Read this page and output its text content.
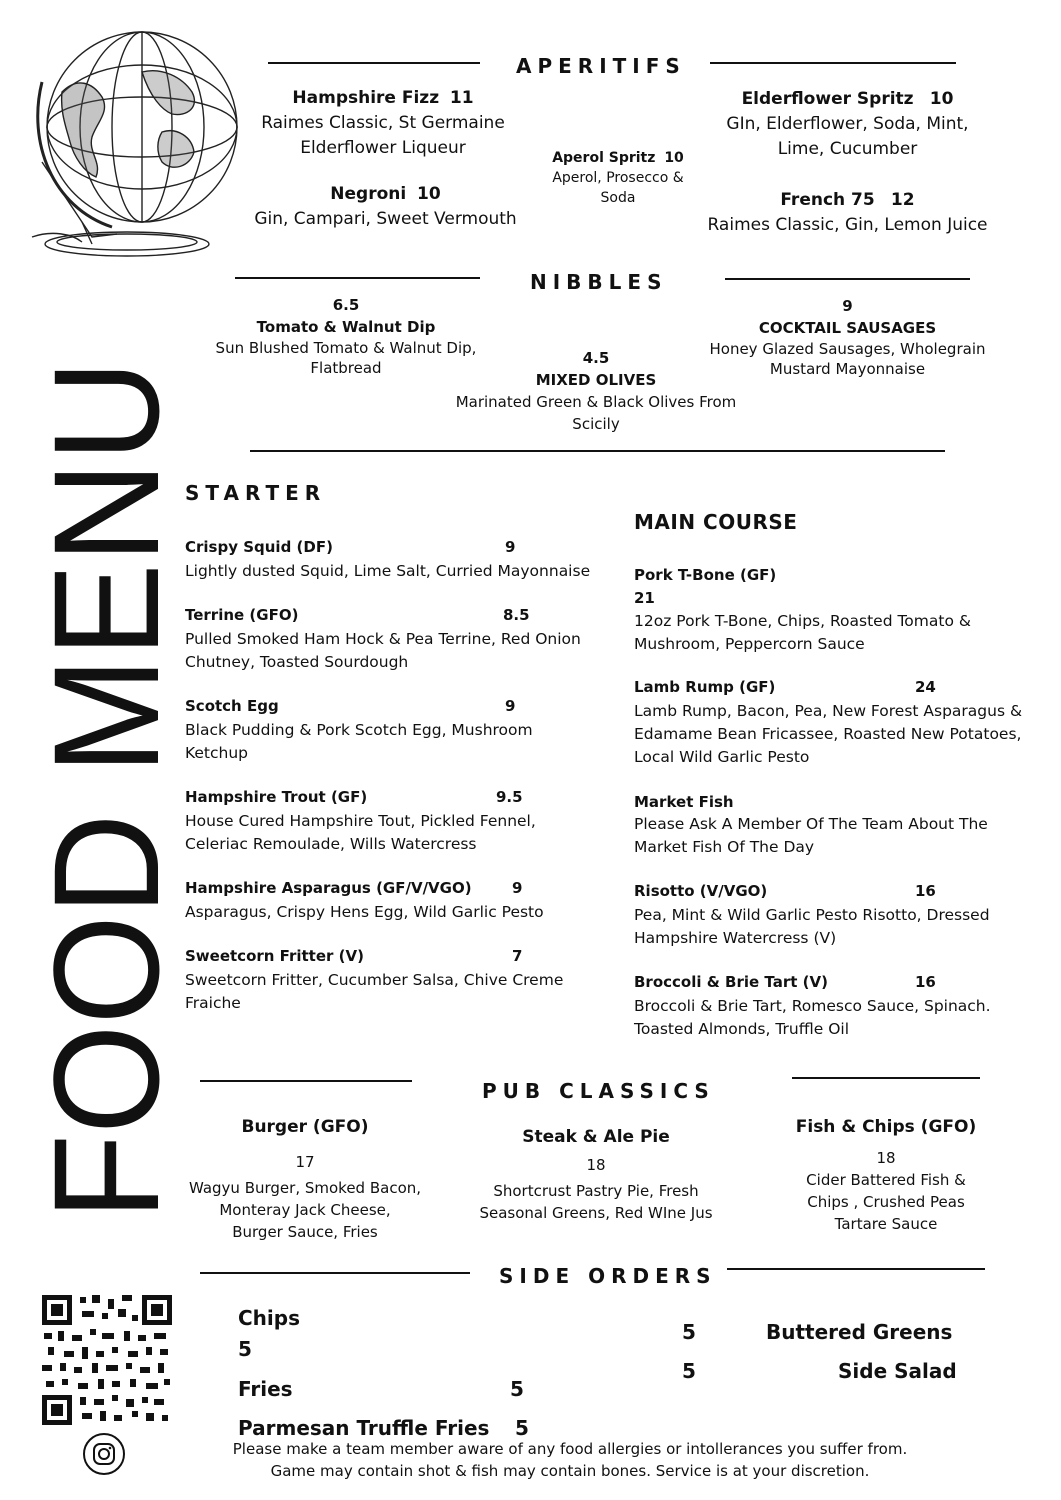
FOOD MENU
APERITIFS
Hampshire Fizz 11
Raimes Classic, St Germaine
Elderflower Liqueur
Negroni 10
Gin, Campari, Sweet Vermouth
Aperol Spritz 10
Aperol, Prosecco &
Soda
Elderflower Spritz 10
GIn, Elderflower, Soda, Mint,
Lime, Cucumber
French 75 12
Raimes Classic, Gin, Lemon Juice
NIBBLES
6.5
Tomato & Walnut Dip
Sun Blushed Tomato & Walnut Dip,
Flatbread
4.5
MIXED OLIVES
Marinated Green & Black Olives From
Scicily
9
COCKTAIL SAUSAGES
Honey Glazed Sausages, Wholegrain
Mustard Mayonnaise
STARTER
Crispy Squid (DF)	9
Lightly dusted Squid, Lime Salt, Curried Mayonnaise
Terrine (GFO)	8.5
Pulled Smoked Ham Hock & Pea Terrine, Red Onion
Chutney, Toasted Sourdough
Scotch Egg	9
Black Pudding & Pork Scotch Egg, Mushroom
Ketchup
Hampshire Trout (GF)	9.5
House Cured Hampshire Tout, Pickled Fennel,
Celeriac Remoulade, Wills Watercress
Hampshire Asparagus (GF/V/VGO)	9
Asparagus, Crispy Hens Egg, Wild Garlic Pesto
Sweetcorn Fritter (V)	7
Sweetcorn Fritter, Cucumber Salsa, Chive Creme
Fraiche
MAIN COURSE
Pork T-Bone (GF)
21
12oz Pork T-Bone, Chips, Roasted Tomato &
Mushroom, Peppercorn Sauce
Lamb Rump (GF)	24
Lamb Rump, Bacon, Pea, New Forest Asparagus &
Edamame Bean Fricassee, Roasted New Potatoes,
Local Wild Garlic Pesto
Market Fish
Please Ask A Member Of The Team About The
Market Fish Of The Day
Risotto (V/VGO)	16
Pea, Mint & Wild Garlic Pesto Risotto, Dressed
Hampshire Watercress (V)
Broccoli & Brie Tart (V)	16
Broccoli & Brie Tart, Romesco Sauce, Spinach.
Toasted Almonds, Truffle Oil
PUB CLASSICS
Burger (GFO)
17
Wagyu Burger, Smoked Bacon,
Monteray Jack Cheese,
Burger Sauce, Fries
Steak & Ale Pie
18
Shortcrust Pastry Pie, Fresh
Seasonal Greens, Red WIne Jus
Fish & Chips (GFO)
18
Cider Battered Fish &
Chips , Crushed Peas
Tartare Sauce
SIDE ORDERS
Chips
5
Fries	5
Parmesan Truffle Fries 5
5	Buttered Greens
5	Side Salad
Please make a team member aware of any food allergies or intollerances you suffer from.
Game may contain shot & fish may contain bones. Service is at your discretion.
